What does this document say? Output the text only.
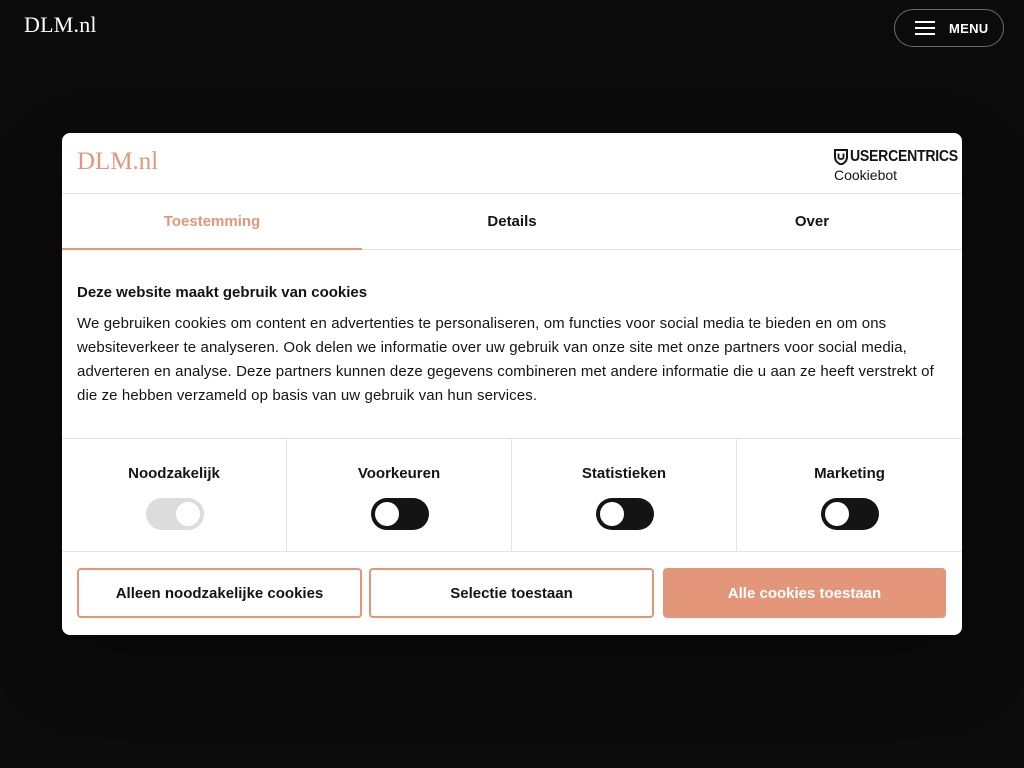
DLM.nl	MENU
DLM.nl	USERCENTRICS
Cookiebot
Toestemming	Details	Over
Deze website maakt gebruik van cookies
We gebruiken cookies om content en advertenties te personaliseren, om functies voor social media te bieden en om ons websiteverkeer te analyseren. Ook delen we informatie over uw gebruik van onze site met onze partners voor social media, adverteren en analyse. Deze partners kunnen deze gegevens combineren met andere informatie die u aan ze heeft verstrekt of die ze hebben verzameld op basis van uw gebruik van hun services.
Noodzakelijk	Voorkeuren	Statistieken	Marketing
Alleen noodzakelijke cookies	Selectie toestaan	Alle cookies toestaan
